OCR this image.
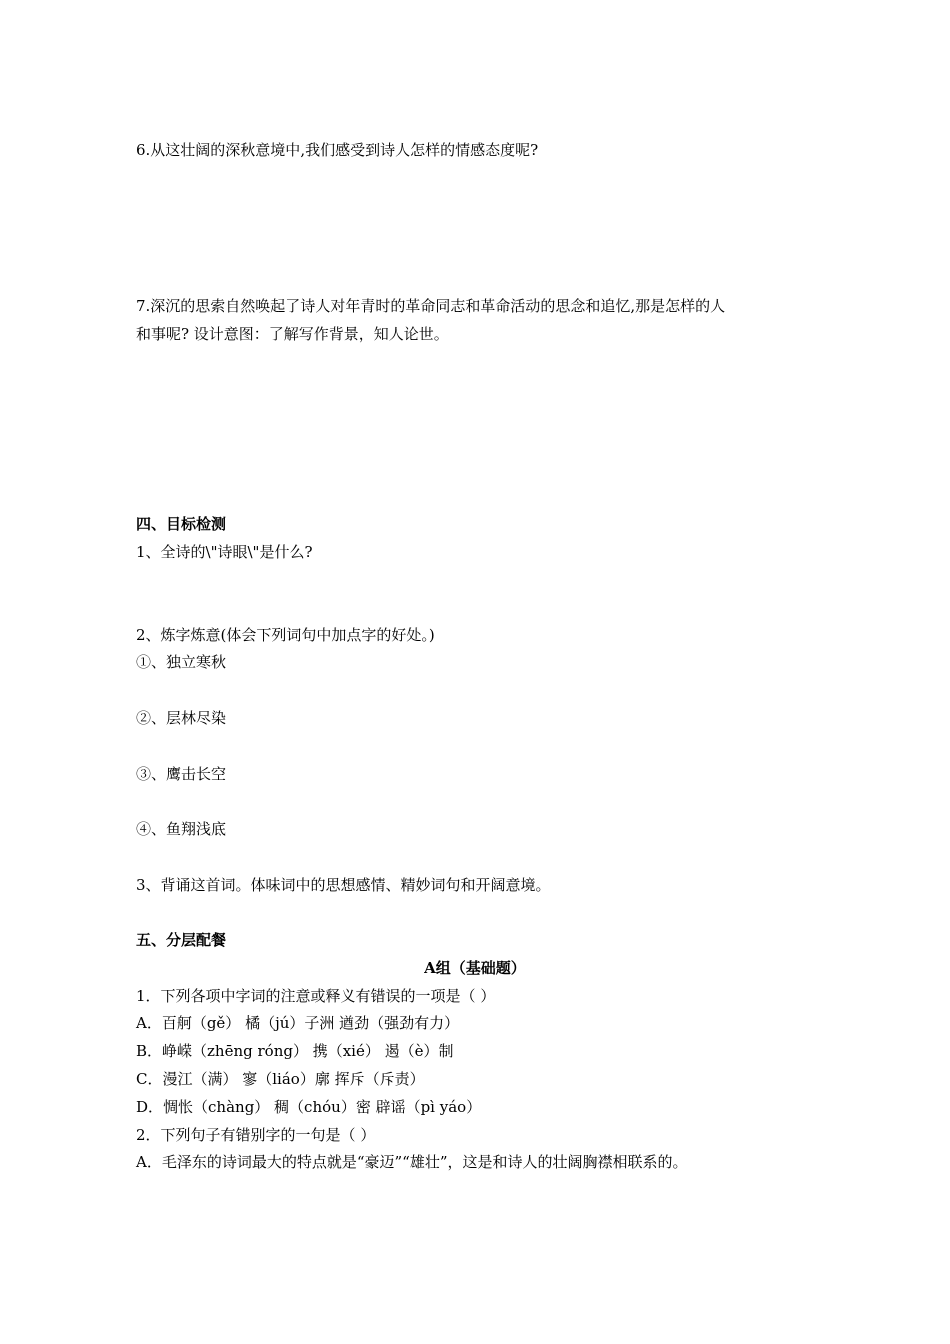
6.从这壮阔的深秋意境中,我们感受到诗人怎样的情感态度呢?
7.深沉的思索自然唤起了诗人对年青时的革命同志和革命活动的思念和追忆,那是怎样的人
和事呢? 设计意图：了解写作背景，知人论世。
四、目标检测
1、全诗的\"诗眼\"是什么?
2、炼字炼意(体会下列词句中加点字的好处。)
①、独立寒秋
②、层林尽染
③、鹰击长空
④、鱼翔浅底
3、背诵这首词。体味词中的思想感情、精妙词句和开阔意境。
五、分层配餐
A组（基础题）
1．下列各项中字词的注意或释义有错误的一项是（ ）
A．百舸（gě） 橘（jú）子洲 遒劲（强劲有力）
B．峥嵘（zhēng róng） 携（xié） 遏（è）制
C．漫江（满） 寥（liáo）廓 挥斥（斥责）
D．惆怅（chàng） 稠（chóu）密 辟谣（pì yáo）
2．下列句子有错别字的一句是（ ）
A．毛泽东的诗词最大的特点就是“豪迈”“雄壮”，这是和诗人的壮阔胸襟相联系的。
